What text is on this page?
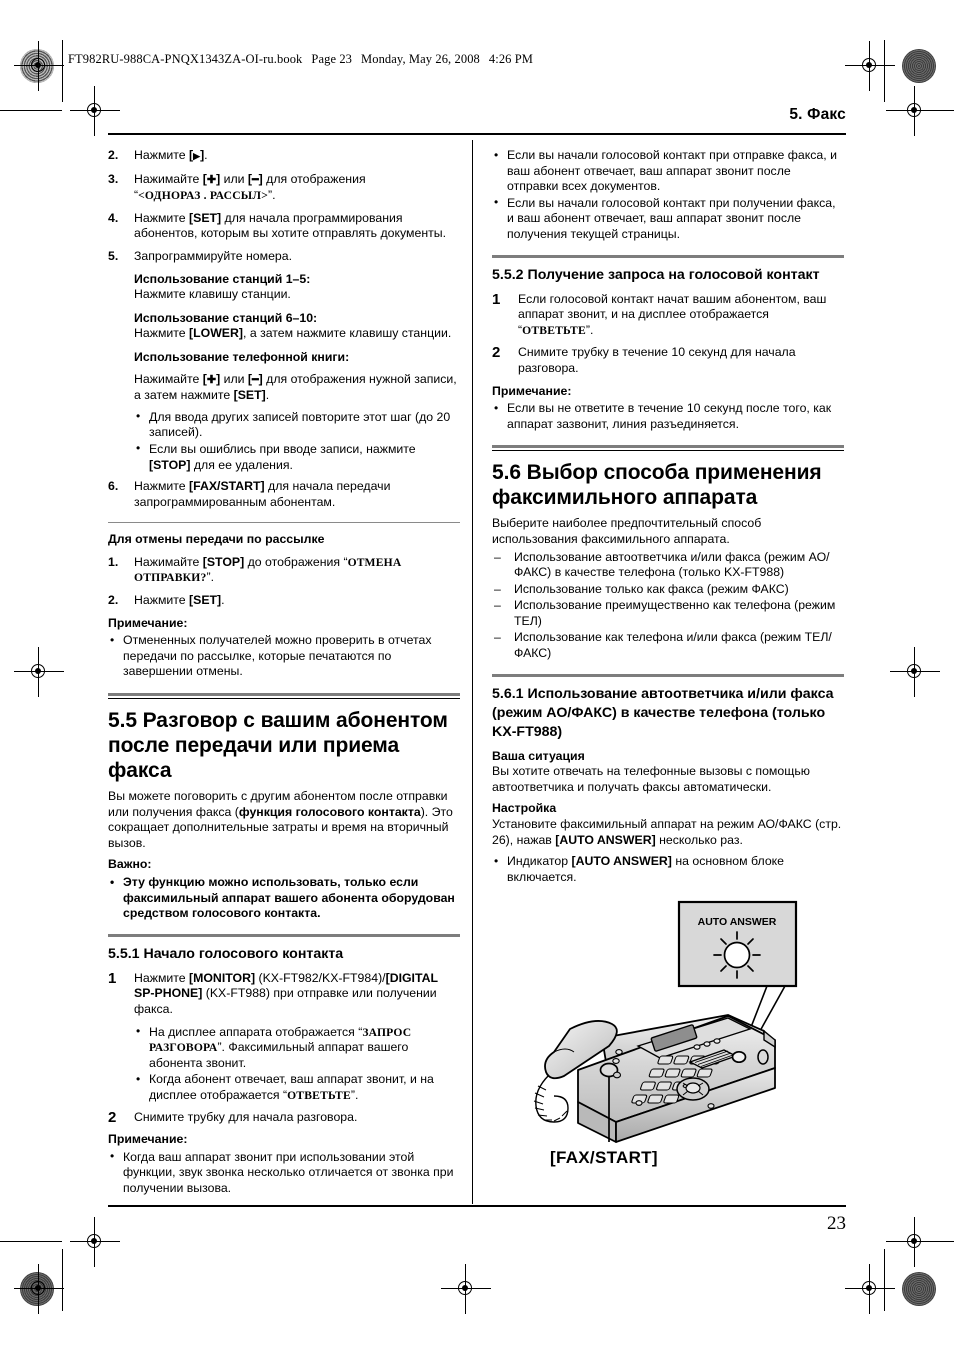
FT982RU-988CA-PNQX1343ZA-OI-ru.book Page 23 Monday, May 26, 2008 4:26 PM
5. Факс
23
2.	Нажмите [▶].
3.	Нажимайте [✚] или [━] для отображения
“<ОДНОРАЗ . РАССЫЛ>”.
4.	Нажмите [SET] для начала программирования абонентов, которым вы хотите отправлять документы.
5.	Запрограммируйте номера.
Использование станций 1–5:
Нажмите клавишу станции.
Использование станций 6–10:
Нажмите [LOWER], а затем нажмите клавишу станции.
Использование телефонной книги:
Нажимайте [✚] или [━] для отображения нужной записи, а затем нажмите [SET].
• Для ввода других записей повторите этот шаг (до 20 записей).
• Если вы ошиблись при вводе записи, нажмите [STOP] для ее удаления.
6.	Нажмите [FAX/START] для начала передачи запрограммированным абонентам.
Для отмены передачи по рассылке
1.	Нажимайте [STOP] до отображения “ОТМЕНА ОТПРАВКИ?”.
2.	Нажмите [SET].
Примечание:
• Отмененных получателей можно проверить в отчетах передачи по рассылке, которые печатаются по завершении отмены.
5.5 Разговор с вашим абонентом после передачи или приема факса
Вы можете поговорить с другим абонентом после отправки или получения факса (функция голосового контакта). Это сокращает дополнительные затраты и время на вторичный вызов.
Важно:
• Эту функцию можно использовать, только если факсимильный аппарат вашего абонента оборудован средством голосового контакта.
5.5.1 Начало голосового контакта
1	Нажмите [MONITOR] (KX-FT982/KX-FT984)/[DIGITAL SP-PHONE] (KX-FT988) при отправке или получении факса.
• На дисплее аппарата отображается “ЗАПРОС РАЗГОВОРА”. Факсимильный аппарат вашего абонента звонит.
• Когда абонент отвечает, ваш аппарат звонит, и на дисплее отображается “ОТВЕТЬТЕ”.
2	Снимите трубку для начала разговора.
Примечание:
• Когда ваш аппарат звонит при использовании этой функции, звук звонка несколько отличается от звонка при получении вызова.
• Если вы начали голосовой контакт при отправке факса, и ваш абонент отвечает, ваш аппарат звонит после отправки всех документов.
• Если вы начали голосовой контакт при получении факса, и ваш абонент отвечает, ваш аппарат звонит после получения текущей страницы.
5.5.2 Получение запроса на голосовой контакт
1	Если голосовой контакт начат вашим абонентом, ваш аппарат звонит, и на дисплее отображается “ОТВЕТЬТЕ”.
2	Снимите трубку в течение 10 секунд для начала разговора.
Примечание:
• Если вы не ответите в течение 10 секунд после того, как аппарат зазвонит, линия разъединяется.
5.6 Выбор способа применения факсимильного аппарата
Выберите наиболее предпочтительный способ использования факсимильного аппарата.
– Использование автоответчика и/или факса (режим АО/ФАКС) в качестве телефона (только KX-FT988)
– Использование только как факса (режим ФАКС)
– Использование преимущественно как телефона (режим ТЕЛ)
– Использование как телефона и/или факса (режим ТЕЛ/ФАКС)
5.6.1 Использование автоответчика и/или факса (режим АО/ФАКС) в качестве телефона (только KX-FT988)
Ваша ситуация
Вы хотите отвечать на телефонные вызовы с помощью автоответчика и получать факсы автоматически.
Настройка
Установите факсимильный аппарат на режим АО/ФАКС (стр. 26), нажав [AUTO ANSWER] несколько раз.
• Индикатор [AUTO ANSWER] на основном блоке включается.
AUTO ANSWER
[FAX/START]
